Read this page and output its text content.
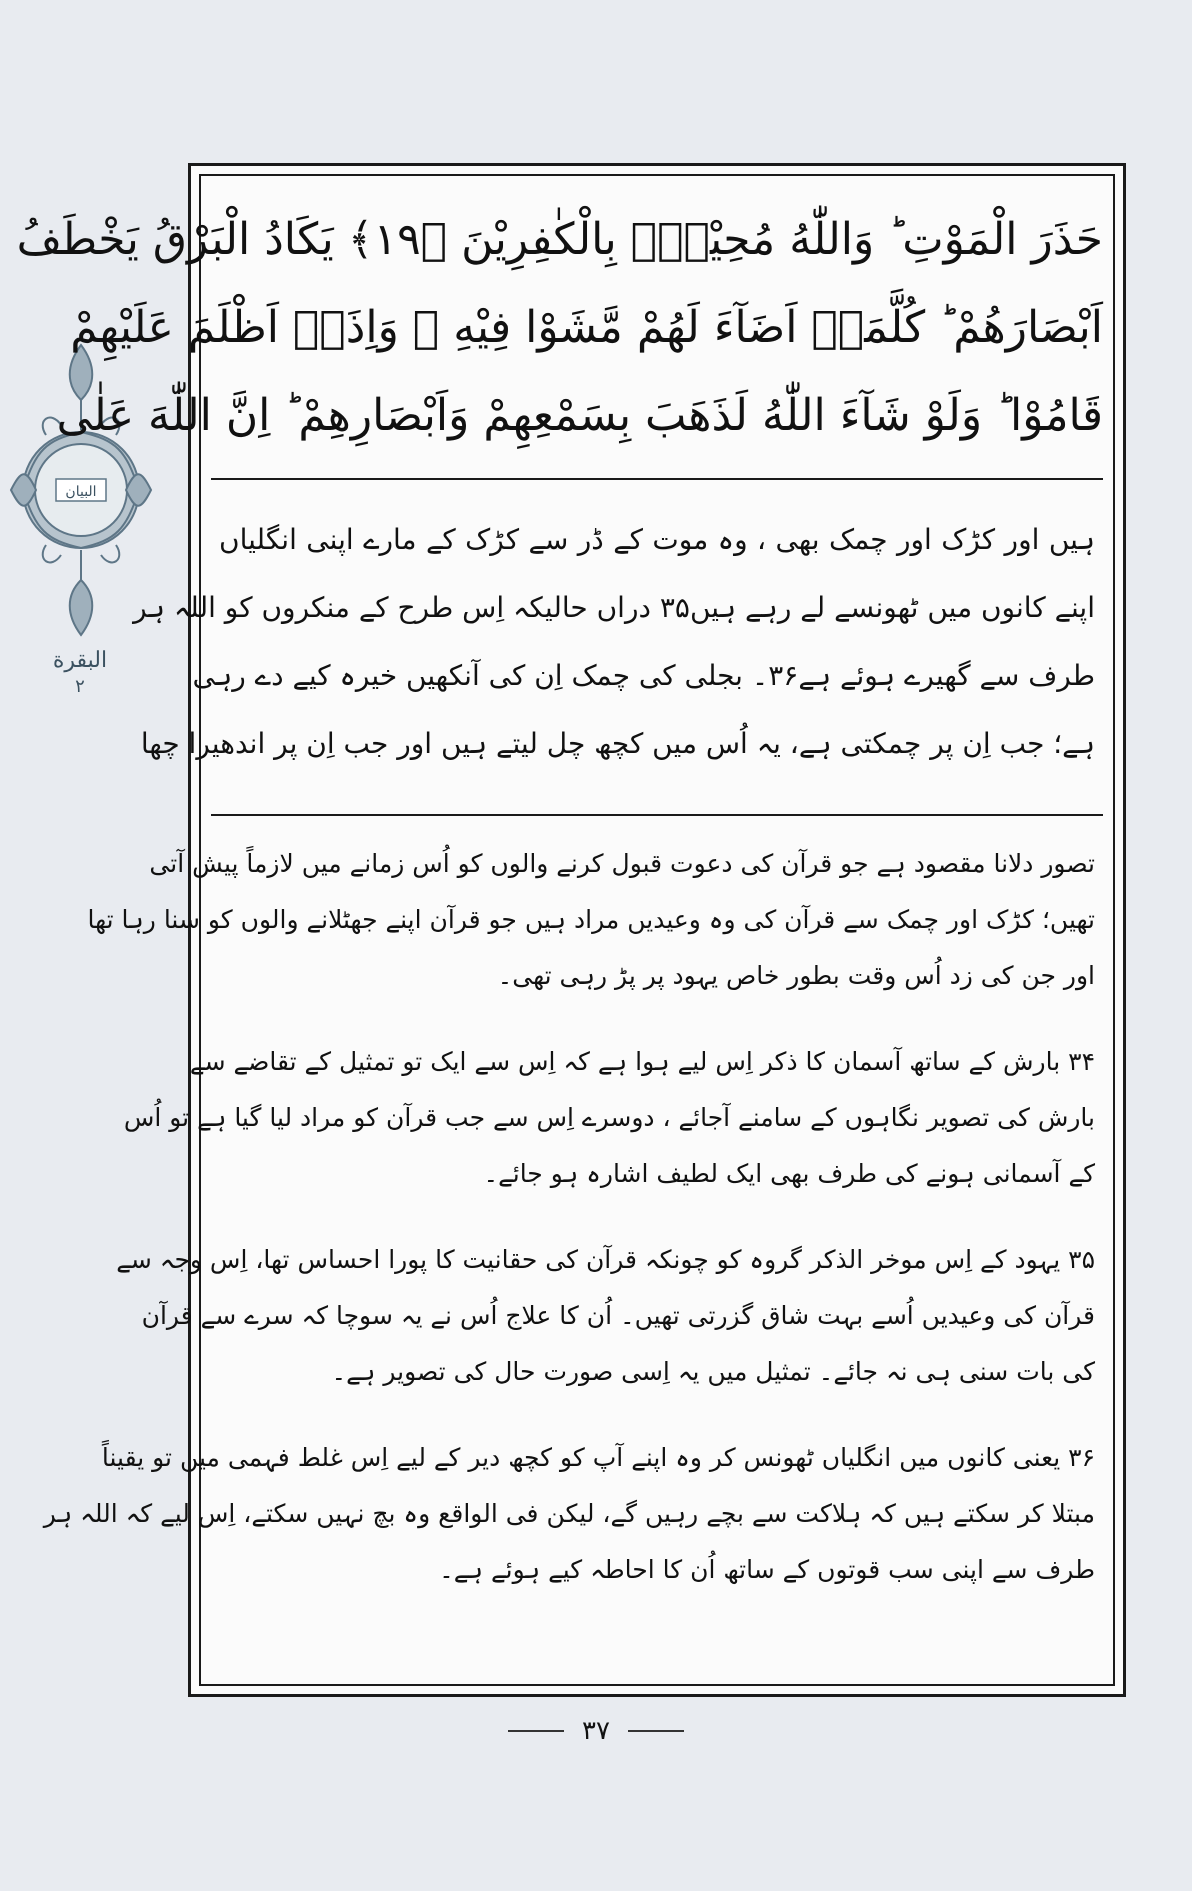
البیان
البقرة
۲
حَذَرَ الْمَوْتِ ؕ وَاللّٰهُ مُحِيْطٌۢ بِالْكٰفِرِيْنَ ﴿۱۹﴾ يَكَادُ الْبَرْقُ يَخْطَفُ
اَبْصَارَهُمْ ؕ كُلَّمَاۤ اَضَآءَ لَهُمْ مَّشَوْا فِيْهِ ۙ وَاِذَاۤ اَظْلَمَ عَلَيْهِمْ
قَامُوْا ؕ وَلَوْ شَآءَ اللّٰهُ لَذَهَبَ بِسَمْعِهِمْ وَاَبْصَارِهِمْ ؕ اِنَّ اللّٰهَ عَلٰى
ہیں اور کڑک اور چمک بھی ، وہ موت کے ڈر سے کڑک کے مارے اپنی انگلیاں
اپنے کانوں میں ٹھونسے لے رہے ہیں۳۵ دراں حالیکہ اِس طرح کے منکروں کو اللہ ہر
طرف سے گھیرے ہوئے ہے۳۶۔ بجلی کی چمک اِن کی آنکھیں خیرہ کیے دے رہی
ہے؛ جب اِن پر چمکتی ہے، یہ اُس میں کچھ چل لیتے ہیں اور جب اِن پر اندھیرا چھا
تصور دلانا مقصود ہے جو قرآن کی دعوت قبول کرنے والوں کو اُس زمانے میں لازماً پیش آتی
تھیں؛ کڑک اور چمک سے قرآن کی وہ وعیدیں مراد ہیں جو قرآن اپنے جھٹلانے والوں کو سنا رہا تھا
اور جن کی زد اُس وقت بطور خاص یہود پر پڑ رہی تھی۔
۳۴ بارش کے ساتھ آسمان کا ذکر اِس لیے ہوا ہے کہ اِس سے ایک تو تمثیل کے تقاضے سے
بارش کی تصویر نگاہوں کے سامنے آجائے ، دوسرے اِس سے جب قرآن کو مراد لیا گیا ہے تو اُس
کے آسمانی ہونے کی طرف بھی ایک لطیف اشارہ ہو جائے۔
۳۵ یہود کے اِس موخر الذکر گروہ کو چونکہ قرآن کی حقانیت کا پورا احساس تھا، اِس وجہ سے
قرآن کی وعیدیں اُسے بہت شاق گزرتی تھیں۔ اُن کا علاج اُس نے یہ سوچا کہ سرے سے قرآن
کی بات سنی ہی نہ جائے۔ تمثیل میں یہ اِسی صورت حال کی تصویر ہے۔
۳۶ یعنی کانوں میں انگلیاں ٹھونس کر وہ اپنے آپ کو کچھ دیر کے لیے اِس غلط فہمی میں تو یقیناً
مبتلا کر سکتے ہیں کہ ہلاکت سے بچے رہیں گے، لیکن فی الواقع وہ بچ نہیں سکتے، اِس لیے کہ اللہ ہر
طرف سے اپنی سب قوتوں کے ساتھ اُن کا احاطہ کیے ہوئے ہے۔
۳۷
